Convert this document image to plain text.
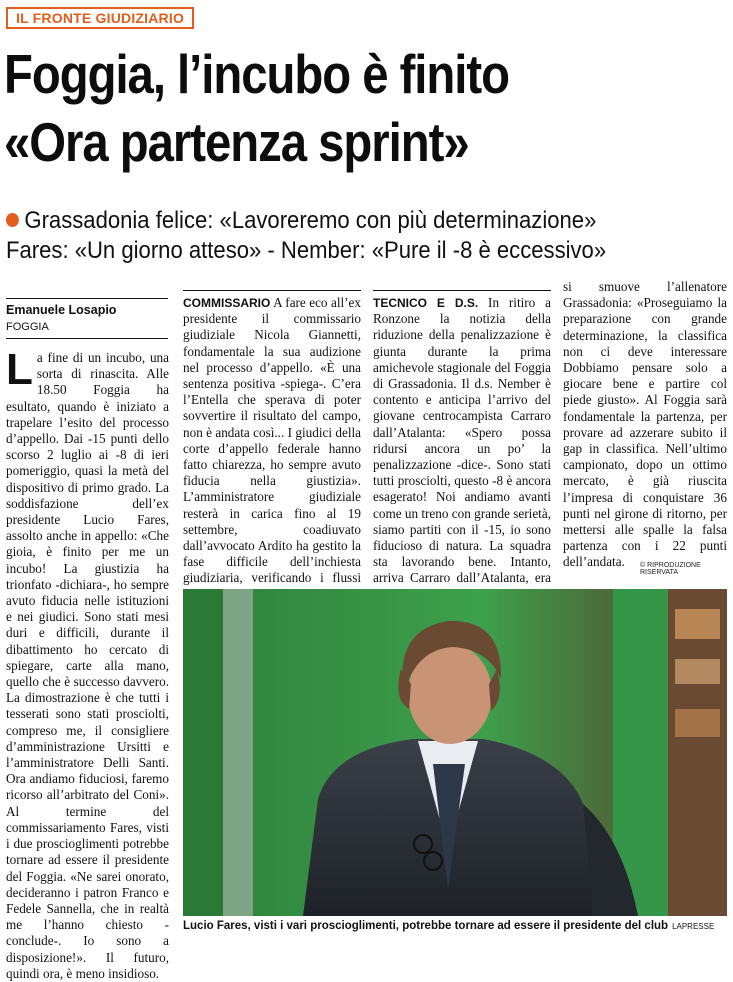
IL FRONTE GIUDIZIARIO
Foggia, l’incubo è finito
«Ora partenza sprint»
Grassadonia felice: «Lavoreremo con più determinazione»
Fares: «Un giorno atteso» - Nember: «Pure il -8 è eccessivo»
Emanuele Losapio
FOGGIA
La fine di un incubo, una sorta di rinascita. Alle 18.50 Foggia ha esultato, quando è iniziato a trapelare l’esito del processo d’appello. Dai -15 punti dello scorso 2 luglio ai -8 di ieri pomeriggio, quasi la metà del dispositivo di primo grado. La soddisfazione dell’ex presidente Lucio Fares, assolto anche in appello: «Che gioia, è finito per me un incubo! La giustizia ha trionfato -dichiara-, ho sempre avuto fiducia nelle istituzioni e nei giudici. Sono stati mesi duri e difficili, durante il dibattimento ho cercato di spiegare, carte alla mano, quello che è successo davvero. La dimostrazione è che tutti i tesserati sono stati prosciolti, compreso me, il consigliere d’amministrazione Ursitti e l’amministratore Delli Santi. Ora andiamo fiduciosi, faremo ricorso all’arbitrato del Coni». Al termine del commissariamento Fares, visti i due proscioglimenti potrebbe tornare ad essere il presidente del Foggia. «Ne sarei onorato, decideranno i patron Franco e Fedele Sannella, che in realtà me l’hanno chiesto -conclude-. Io sono a disposizione!». Il futuro, quindi ora, è meno insidioso.
COMMISSARIO A fare eco all’ex presidente il commissario giudiziale Nicola Giannetti, fondamentale la sua audizione nel processo d’appello. «È una sentenza positiva -spiega-. C’era l’Entella che sperava di poter sovvertire il risultato del campo, non è andata così... I giudici della corte d’appello federale hanno fatto chiarezza, ho sempre avuto fiducia nella giustizia». L’amministratore giudiziale resterà in carica fino al 19 settembre, coadiuvato dall’avvocato Ardito ha gestito la fase difficile dell’inchiesta giudiziaria, verificando i flussi
TECNICO E D.S. In ritiro a Ronzone la notizia della riduzione della penalizzazione è giunta durante la prima amichevole stagionale del Foggia di Grassadonia. Il d.s. Nember è contento e anticipa l’arrivo del giovane centrocampista Carraro dall’Atalanta: «Spero possa ridursi ancora un po’ la penalizzazione -dice-. Sono stati tutti prosciolti, questo -8 è ancora esagerato! Noi andiamo avanti come un treno con grande serietà, siamo partiti con il -15, io sono fiducioso di natura. La squadra sta lavorando bene. Intanto, arriva Carraro dall’Atalanta, era
si smuove l’allenatore Grassadonia: «Proseguiamo la preparazione con grande determinazione, la classifica non ci deve interessare Dobbiamo pensare solo a giocare bene e partire col piede giusto». Al Foggia sarà fondamentale la partenza, per provare ad azzerare subito il gap in classifica. Nell’ultimo campionato, dopo un ottimo mercato, è già riuscita l’impresa di conquistare 36 punti nel girone di ritorno, per mettersi alle spalle la falsa partenza con i 22 punti dell’andata.	© RIPRODUZIONE RISERVATA
Lucio Fares, visti i vari proscioglimenti, potrebbe tornare ad essere il presidente del club LAPRESSE
